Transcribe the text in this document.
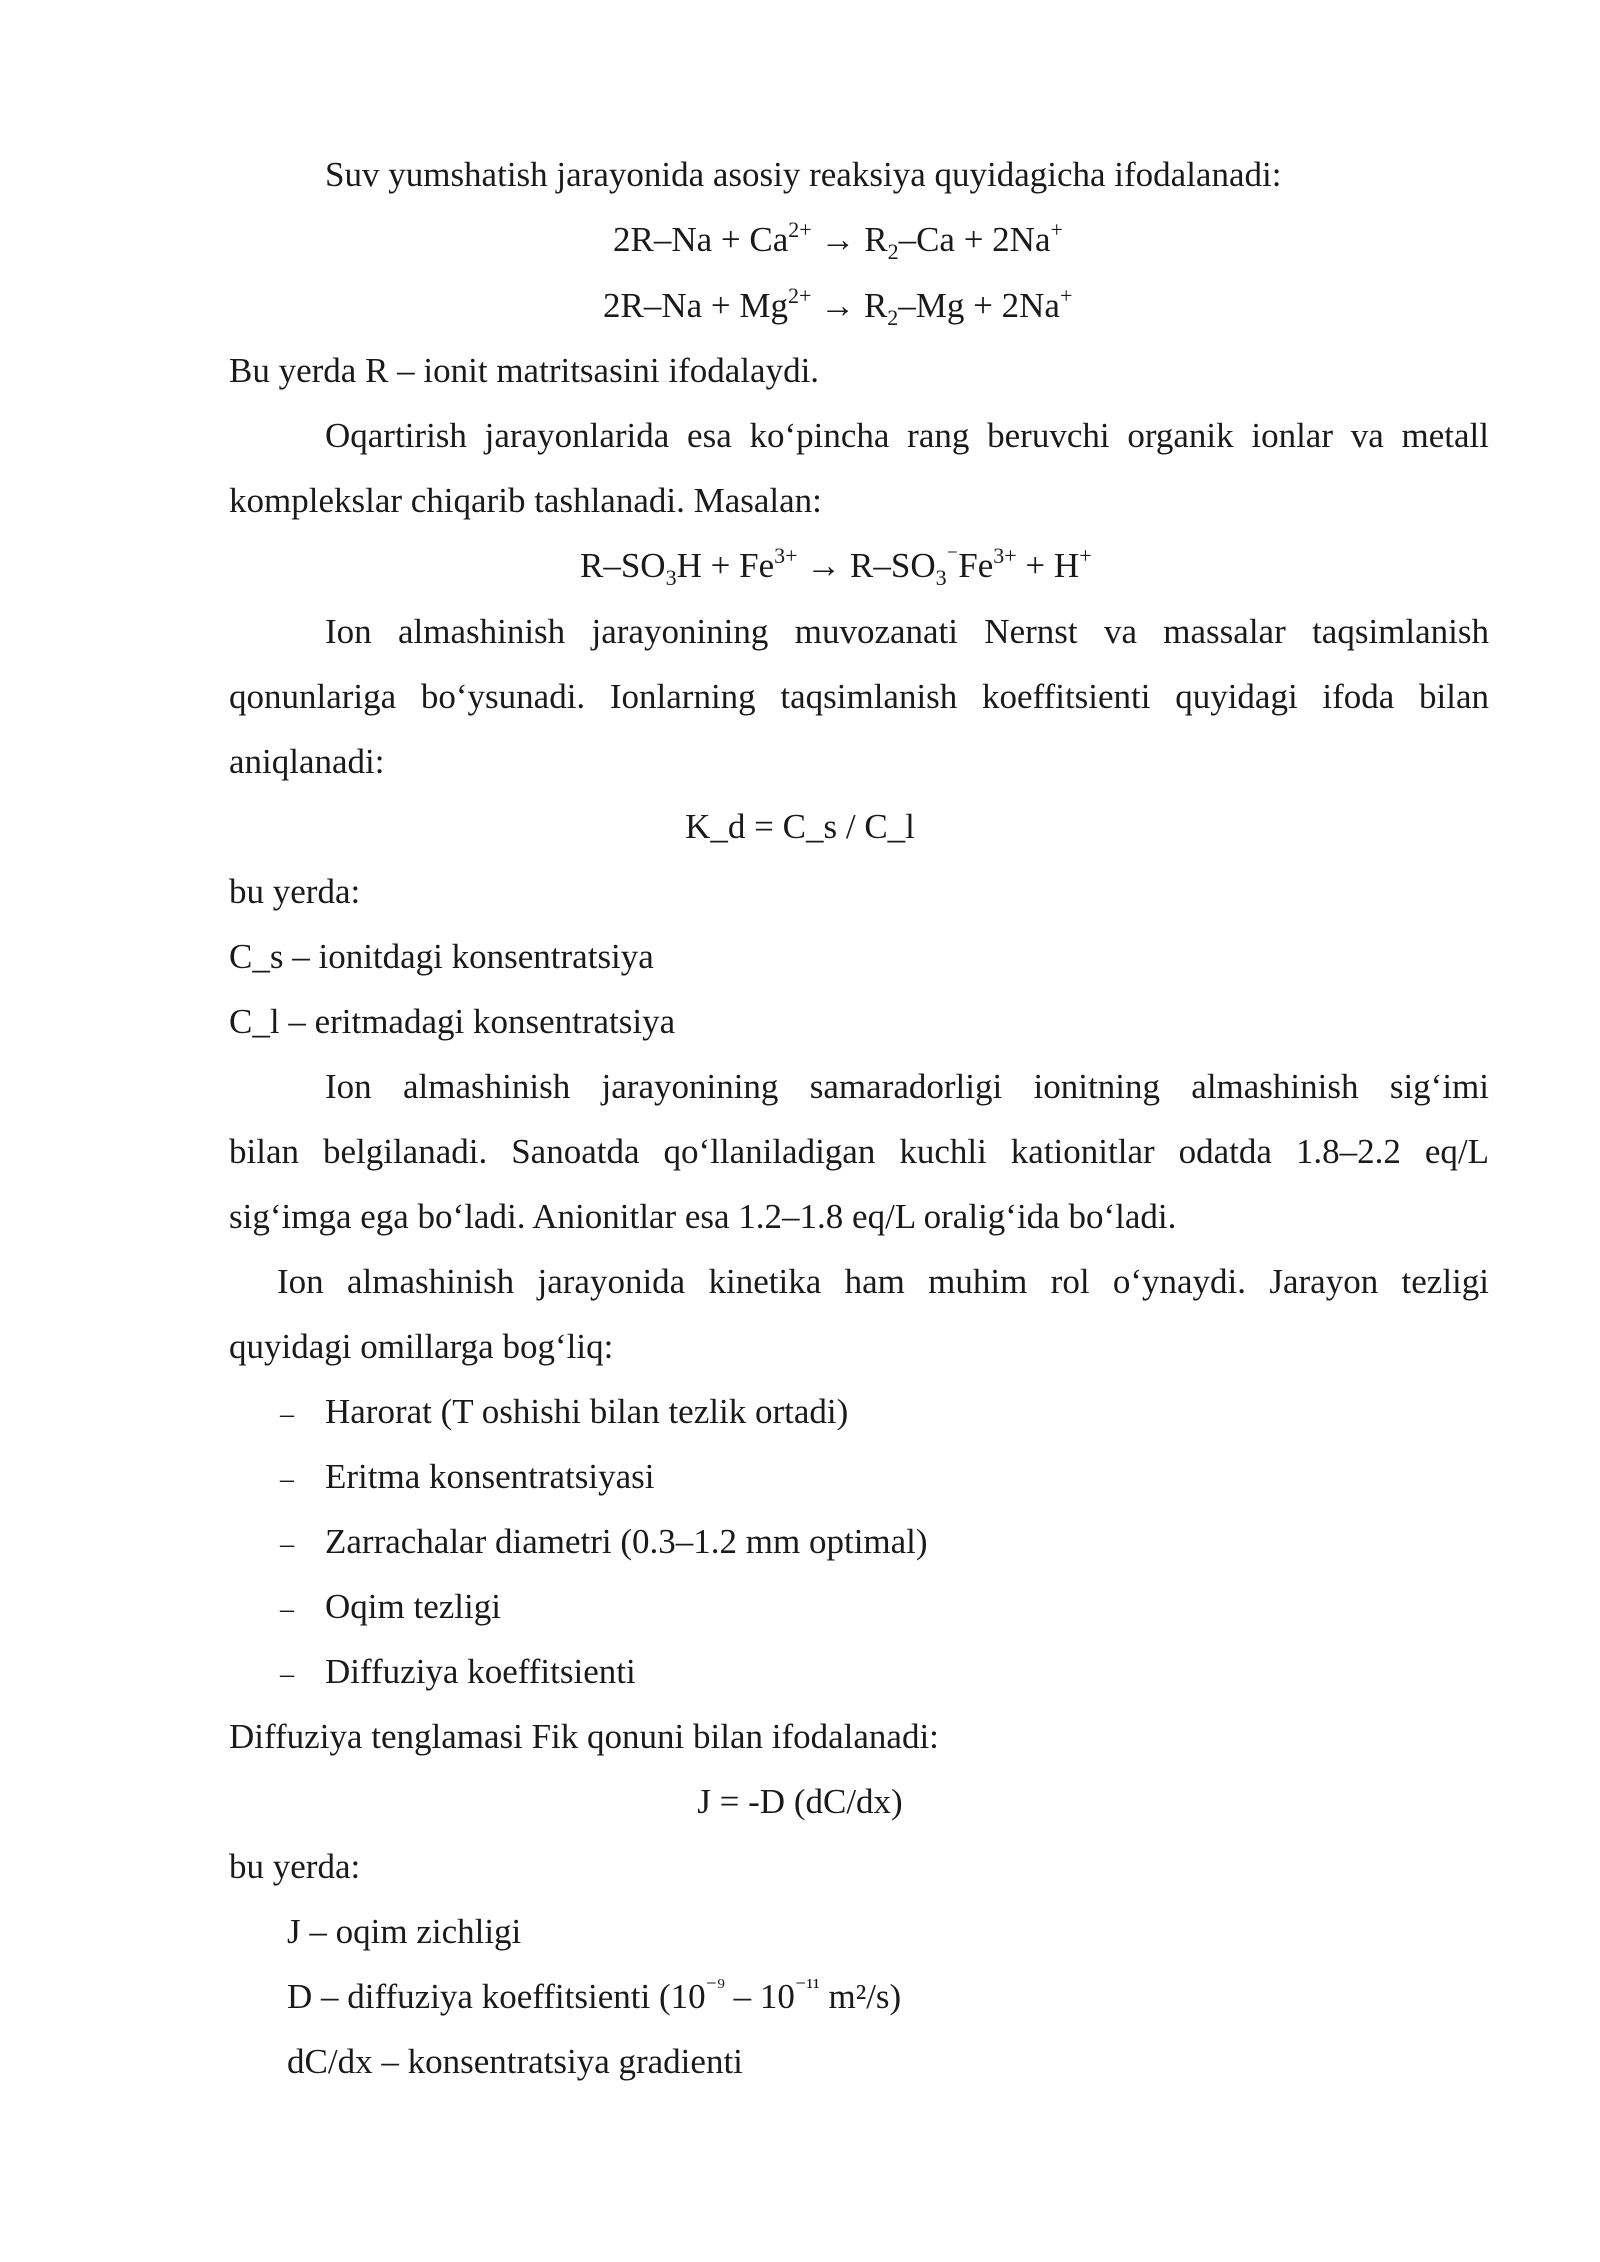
Suv yumshatish jarayonida asosiy reaksiya quyidagicha ifodalanadi:
$2R-Na + Ca^{2+} \to R_2-Ca + 2Na^+$
$2R-Na + Mg^{2+} \to R_2-Mg + 2Na^+$
Bu yerda R – ionit matritsasini ifodalaydi.
Oqartirish jarayonlarida esa ko‘pincha rang beruvchi organik ionlar va metall
komplekslar chiqarib tashlanadi. Masalan:
$R-SO_3H + Fe^{3+} \to R-SO_3^{^-}Fe^{3+} + H^+$
Ion almashinish jarayonining muvozanati Nernst va massalar taqsimlanish
qonunlariga bo‘ysunadi. Ionlarning taqsimlanish koeffitsienti quyidagi ifoda bilan
aniqlanadi:
K_d = C_s / C_l
bu yerda:
C_s – ionitdagi konsentratsiya
C_l – eritmadagi konsentratsiya
Ion almashinish jarayonining samaradorligi ionitning almashinish sig‘imi
bilan belgilanadi. Sanoatda qo‘llaniladigan kuchli kationitlar odatda 1.8–2.2 eq/L
sig‘imga ega bo‘ladi. Anionitlar esa 1.2–1.8 eq/L oralig‘ida bo‘ladi.
Ion almashinish jarayonida kinetika ham muhim rol o‘ynaydi. Jarayon tezligi
quyidagi omillarga bog‘liq:
– Harorat (T oshishi bilan tezlik ortadi)
– Eritma konsentratsiyasi
– Zarrachalar diametri (0.3–1.2 mm optimal)
– Oqim tezligi
– Diffuziya koeffitsienti
Diffuziya tenglamasi Fik qonuni bilan ifodalanadi:
J = -D (dC/dx)
bu yerda:
J – oqim zichligi
D – diffuziya koeffitsienti ($10^{^{-9}} - 10^{^{-11}}$ m²/s)
dC/dx – konsentratsiya gradienti
